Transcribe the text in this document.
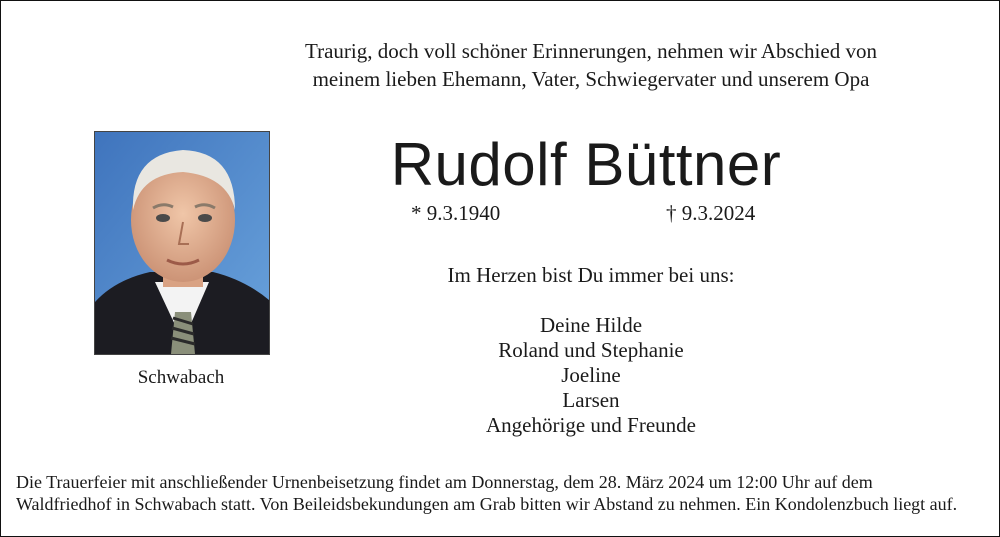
Traurig, doch voll schöner Erinnerungen, nehmen wir Abschied von
meinem lieben Ehemann, Vater, Schwiegervater und unserem Opa
Schwabach
Rudolf Büttner
* 9.3.1940	† 9.3.2024
Im Herzen bist Du immer bei uns:
Deine Hilde
Roland und Stephanie
Joeline
Larsen
Angehörige und Freunde
Die Trauerfeier mit anschließender Urnenbeisetzung findet am Donnerstag, dem 28. März 2024 um 12:00 Uhr auf dem
Waldfriedhof in Schwabach statt. Von Beileidsbekundungen am Grab bitten wir Abstand zu nehmen. Ein Kondolenzbuch liegt auf.
